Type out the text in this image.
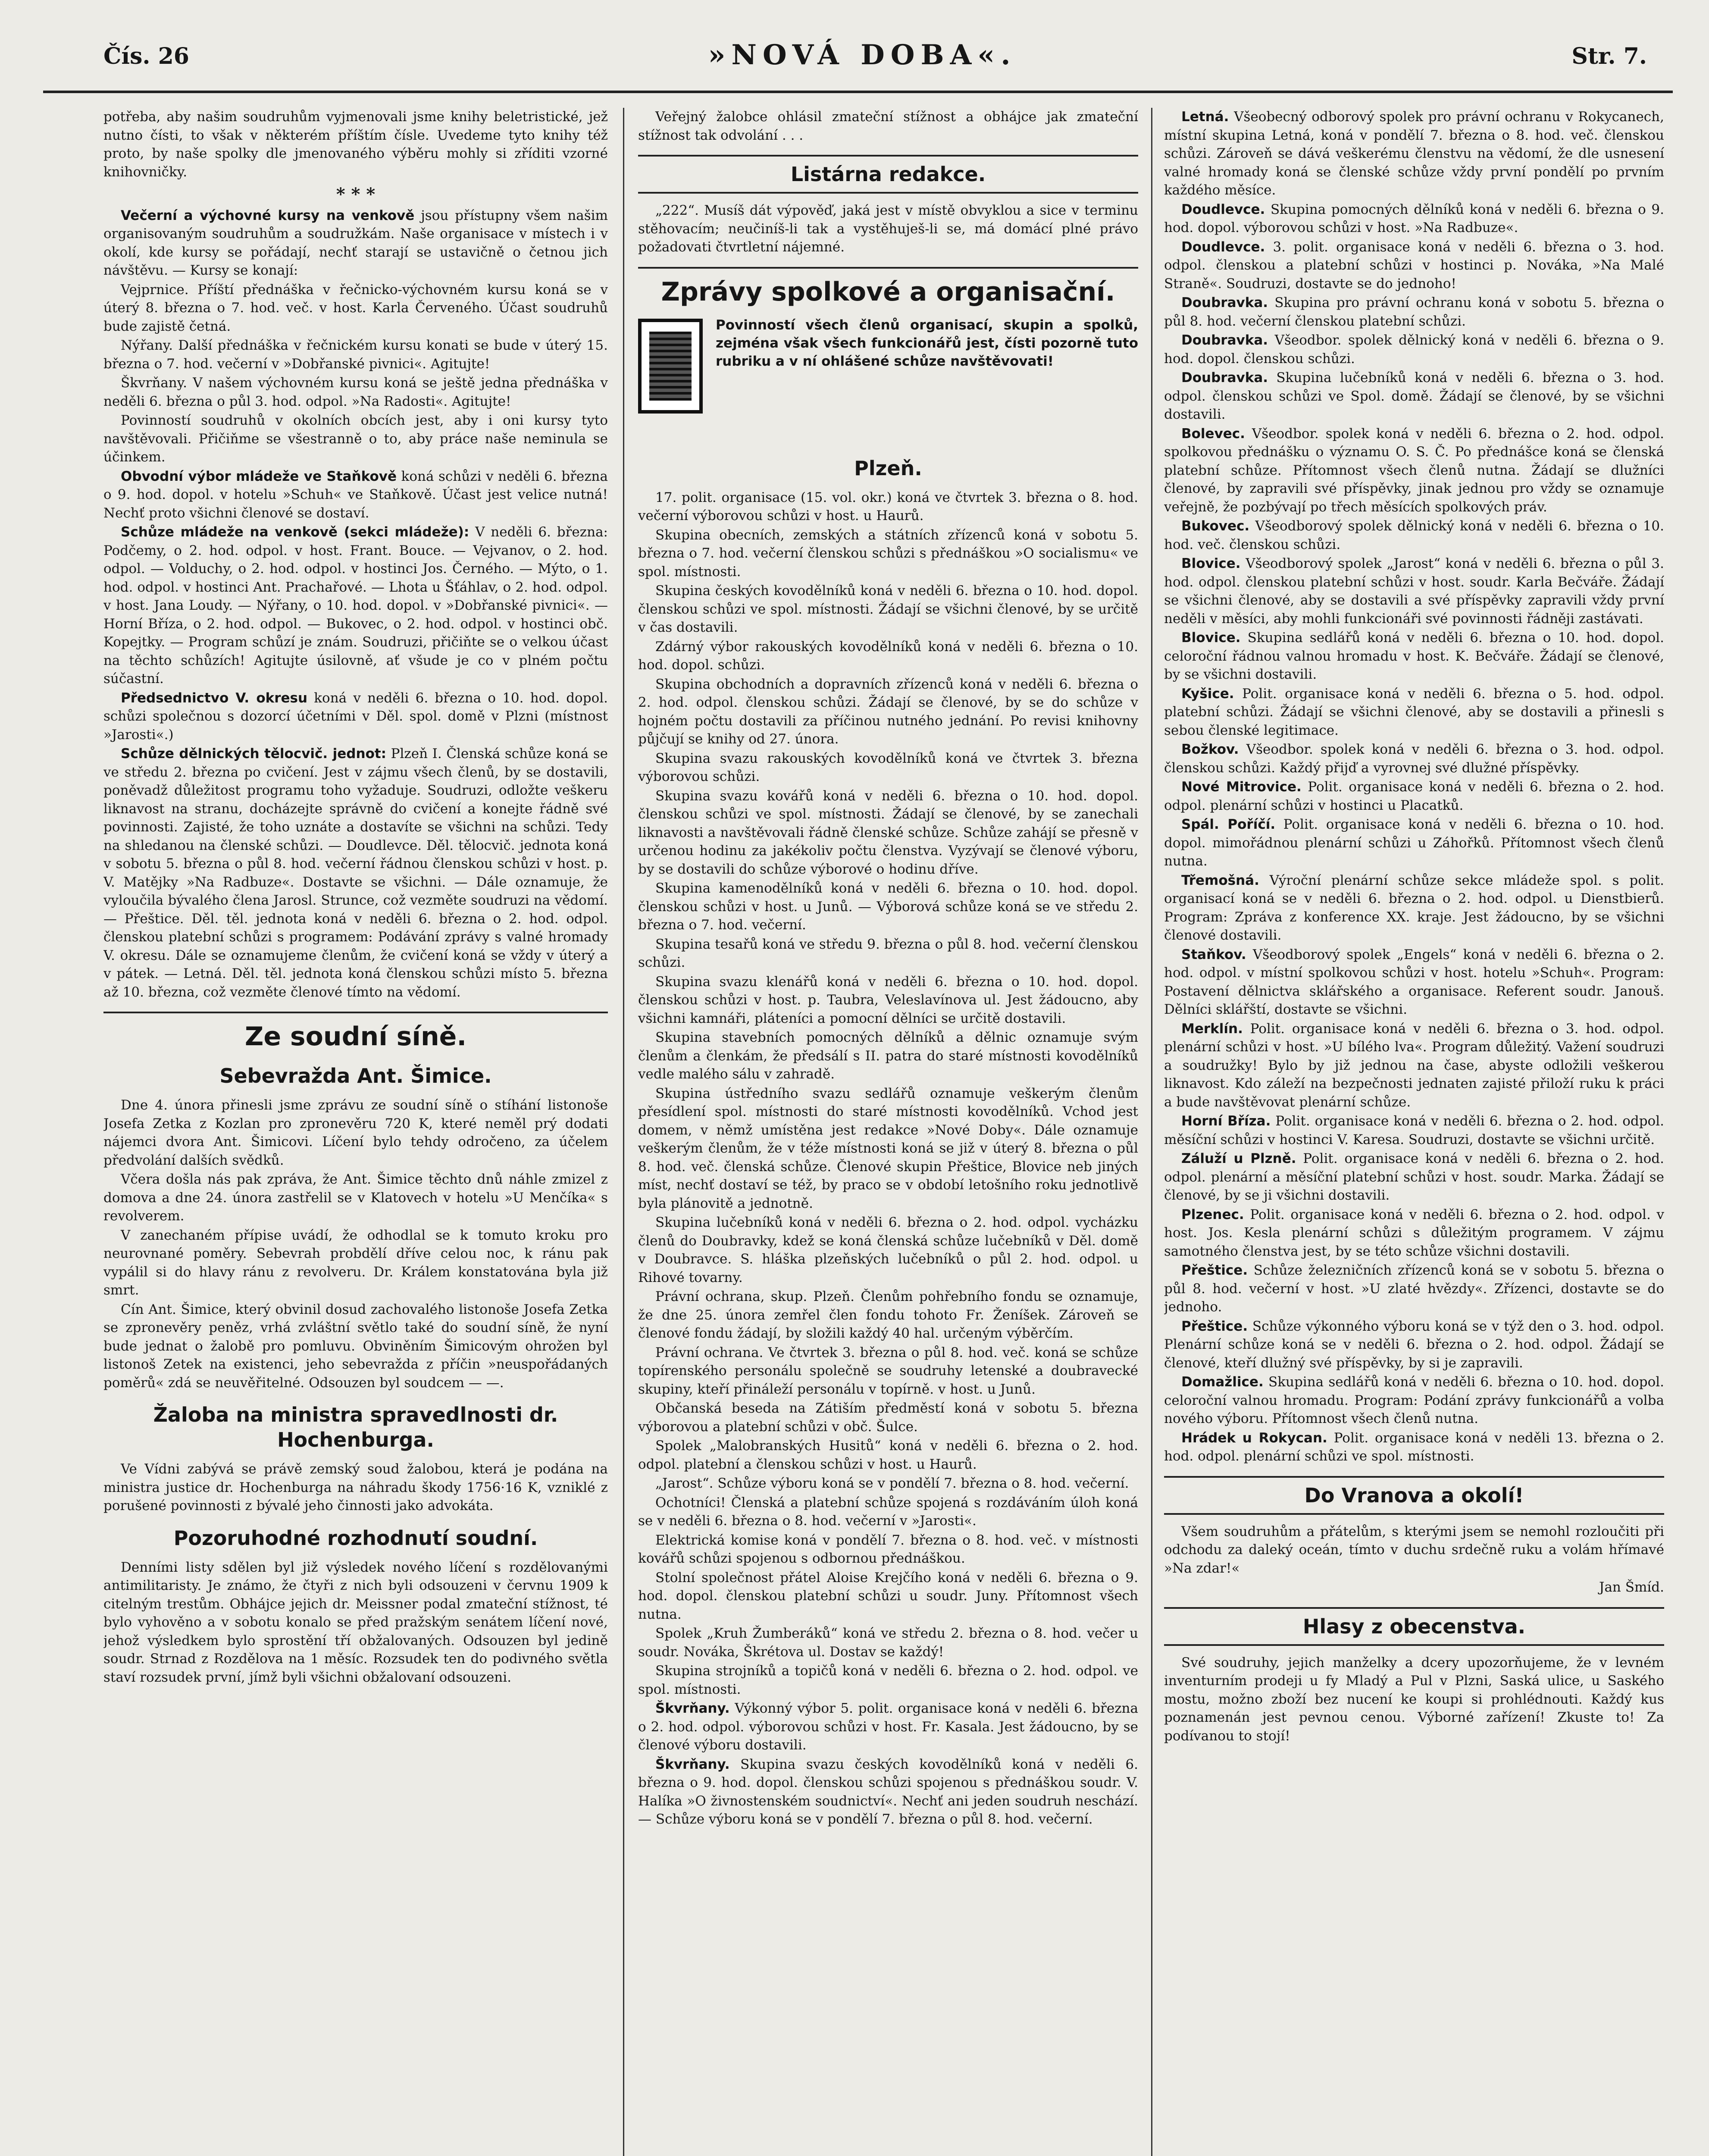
Čís. 26	»NOVÁ DOBA«.	Str. 7.

potřeba, aby našim soudruhům vyjmenovali jsme knihy beletristické, jež nutno čísti, to však v některém příštím čísle. Uvedeme tyto knihy též proto, by naše spolky dle jmenovaného výběru mohly si zříditi vzorné knihovničky.

* * *

Večerní a výchovné kursy na venkově jsou přístupny všem našim organisovaným soudruhům a soudružkám. Naše organisace v místech i v okolí, kde kursy se pořádají, nechť starají se ustavičně o četnou jich návštěvu. — Kursy se konají:

Vejprnice. Příští přednáška v řečnicko-výchovném kursu koná se v úterý 8. března o 7. hod. več. v host. Karla Červeného. Účast soudruhů bude zajistě četná.

Nýřany. Další přednáška v řečnickém kursu konati se bude v úterý 15. března o 7. hod. večerní v »Dobřanské pivnici«. Agitujte!

Škvrňany. V našem výchovném kursu koná se ještě jedna přednáška v neděli 6. března o půl 3. hod. odpol. »Na Radosti«. Agitujte!

Povinností soudruhů v okolních obcích jest, aby i oni kursy tyto navštěvovali. Přičiňme se všestranně o to, aby práce naše neminula se účinkem.

Obvodní výbor mládeže ve Staňkově koná schůzi v neděli 6. března o 9. hod. dopol. v hotelu »Schuh« ve Staňkově. Účast jest velice nutná! Nechť proto všichni členové se dostaví.

Schůze mládeže na venkově (sekci mládeže): V neděli 6. března: Podčemy, o 2. hod. odpol. v host. Frant. Bouce. — Vejvanov, o 2. hod. odpol. — Volduchy, o 2. hod. odpol. v hostinci Jos. Černého. — Mýto, o 1. hod. odpol. v hostinci Ant. Prachařové. — Lhota u Šťáhlav, o 2. hod. odpol. v host. Jana Loudy. — Nýřany, o 10. hod. dopol. v »Dobřanské pivnici«. — Horní Bříza, o 2. hod. odpol. — Bukovec, o 2. hod. odpol. v hostinci obč. Kopejtky. — Program schůzí je znám. Soudruzi, přičiňte se o velkou účast na těchto schůzích! Agitujte úsilovně, ať všude je co v plném počtu súčastní.

Předsednictvo V. okresu koná v neděli 6. března o 10. hod. dopol. schůzi společnou s dozorcí účetními v Děl. spol. domě v Plzni (místnost »Jarosti«.)

Schůze dělnických tělocvič. jednot: Plzeň I. Členská schůze koná se ve středu 2. března po cvičení. Jest v zájmu všech členů, by se dostavili, poněvadž důležitost programu toho vyžaduje. Soudruzi, odložte veškeru liknavost na stranu, docházejte správně do cvičení a konejte řádně své povinnosti. Zajisté, že toho uznáte a dostavíte se všichni na schůzi. Tedy na shledanou na členské schůzi. — Doudlevce. Děl. tělocvič. jednota koná v sobotu 5. března o půl 8. hod. večerní řádnou členskou schůzi v host. p. V. Matějky »Na Radbuze«. Dostavte se všichni. — Dále oznamuje, že vyloučila bývalého člena Jarosl. Strunce, což vezměte soudruzi na vědomí. — Přeštice. Děl. těl. jednota koná v neděli 6. března o 2. hod. odpol. členskou platební schůzi s programem: Podávání zprávy s valné hromady V. okresu. Dále se oznamujeme členům, že cvičení koná se vždy v úterý a v pátek. — Letná. Děl. těl. jednota koná členskou schůzi místo 5. března až 10. března, což vezměte členové tímto na vědomí.

Ze soudní síně.
Sebevražda Ant. Šimice.

Dne 4. února přinesli jsme zprávu ze soudní síně o stíhání listonoše Josefa Zetka z Kozlan pro zpronevěru 720 K, které neměl prý dodati nájemci dvora Ant. Šimicovi. Líčení bylo tehdy odročeno, za účelem předvolání dalších svědků.

Včera došla nás pak zpráva, že Ant. Šimice těchto dnů náhle zmizel z domova a dne 24. února zastřelil se v Klatovech v hotelu »U Menčíka« s revolverem.

V zanechaném přípise uvádí, že odhodlal se k tomuto kroku pro neurovnané poměry. Sebevrah probdělí dříve celou noc, k ránu pak vypálil si do hlavy ránu z revolveru. Dr. Králem konstatována byla již smrt.

Cín Ant. Šimice, který obvinil dosud zachovalého listonoše Josefa Zetka se zpronevěry peněz, vrhá zvláštní světlo také do soudní síně, že nyní bude jednat o žalobě pro pomluvu. Obviněním Šimicovým ohrožen byl listonoš Zetek na existenci, jeho sebevražda z příčin »neuspořádaných poměrů« zdá se neuvěřitelné. Odsouzen byl soudcem — —.

Žaloba na ministra spravedlnosti dr. Hochenburga.

Ve Vídni zabývá se právě zemský soud žalobou, která je podána na ministra justice dr. Hochenburga na náhradu škody 1756·16 K, vzniklé z porušené povinnosti z bývalé jeho činnosti jako advokáta.

Pozoruhodné rozhodnutí soudní.

Denními listy sdělen byl již výsledek nového líčení s rozdělovanými antimilitaristy. Je známo, že čtyři z nich byli odsouzeni v červnu 1909 k citelným trestům. Obhájce jejich dr. Meissner podal zmateční stížnost, té bylo vyhověno a v sobotu konalo se před pražským senátem líčení nové, jehož výsledkem bylo sprostění tří obžalovaných. Odsouzen byl jedině soudr. Strnad z Rozdělova na 1 měsíc. Rozsudek ten do podivného světla staví rozsudek první, jímž byli všichni obžalovaní odsouzeni.

Veřejný žalobce ohlásil zmateční stížnost a obhájce jak zmateční stížnost tak odvolání . . .

Listárna redakce.

„222“. Musíš dát výpověď, jaká jest v místě obvyklou a sice v terminu stěhovacím; neučiníš-li tak a vystěhuješ-li se, má domácí plné právo požadovati čtvrtletní nájemné.

Zprávy spolkové a organisační.
Povinností všech členů organisací, skupin a spolků, zejména však všech funkcionářů jest, čísti pozorně tuto rubriku a v ní ohlášené schůze navštěvovati!
Plzeň.

17. polit. organisace (15. vol. okr.) koná ve čtvrtek 3. března o 8. hod. večerní výborovou schůzi v host. u Haurů.

Skupina obecních, zemských a státních zřízenců koná v sobotu 5. března o 7. hod. večerní členskou schůzi s přednáškou »O socialismu« ve spol. místnosti.

Skupina českých kovodělníků koná v neděli 6. března o 10. hod. dopol. členskou schůzi ve spol. místnosti. Žádají se všichni členové, by se určitě v čas dostavili.

Zdárný výbor rakouských kovodělníků koná v neděli 6. března o 10. hod. dopol. schůzi.

Skupina obchodních a dopravních zřízenců koná v neděli 6. března o 2. hod. odpol. členskou schůzi. Žádají se členové, by se do schůze v hojném počtu dostavili za příčinou nutného jednání. Po revisi knihovny půjčují se knihy od 27. února.

Skupina svazu rakouských kovodělníků koná ve čtvrtek 3. března výborovou schůzi.

Skupina svazu kovářů koná v neděli 6. března o 10. hod. dopol. členskou schůzi ve spol. místnosti. Žádají se členové, by se zanechali liknavosti a navštěvovali řádně členské schůze. Schůze zahájí se přesně v určenou hodinu za jakékoliv počtu členstva. Vyzývají se členové výboru, by se dostavili do schůze výborové o hodinu dříve.

Skupina kamenodělníků koná v neděli 6. března o 10. hod. dopol. členskou schůzi v host. u Junů. — Výborová schůze koná se ve středu 2. března o 7. hod. večerní.

Skupina tesařů koná ve středu 9. března o půl 8. hod. večerní členskou schůzi.

Skupina svazu klenářů koná v neděli 6. března o 10. hod. dopol. členskou schůzi v host. p. Taubra, Veleslavínova ul. Jest žádoucno, aby všichni kamnáři, pláteníci a pomocní dělníci se určitě dostavili.

Skupina stavebních pomocných dělníků a dělnic oznamuje svým členům a členkám, že předsálí s II. patra do staré místnosti kovodělníků vedle malého sálu v zahradě.

Skupina ústředního svazu sedlářů oznamuje veškerým členům přesídlení spol. místnosti do staré místnosti kovodělníků. Vchod jest domem, v němž umístěna jest redakce »Nové Doby«. Dále oznamuje veškerým členům, že v téže místnosti koná se již v úterý 8. března o půl 8. hod. več. členská schůze. Členové skupin Přeštice, Blovice neb jiných míst, nechť dostaví se též, by praco se v období letošního roku jednotlivě byla plánovitě a jednotně.

Skupina lučebníků koná v neděli 6. března o 2. hod. odpol. vycházku členů do Doubravky, kdež se koná členská schůze lučebníků v Děl. domě v Doubravce. S. hláška plzeňských lučebníků o půl 2. hod. odpol. u Rihové tovarny.

Právní ochrana, skup. Plzeň. Členům pohřebního fondu se oznamuje, že dne 25. února zemřel člen fondu tohoto Fr. Ženíšek. Zároveň se členové fondu žádají, by složili každý 40 hal. určeným výběrčím.

Právní ochrana. Ve čtvrtek 3. března o půl 8. hod. več. koná se schůze topírenského personálu společně se soudruhy letenské a doubravecké skupiny, kteří přináleží personálu v topírně. v host. u Junů.

Občanská beseda na Zátiším předměstí koná v sobotu 5. března výborovou a platební schůzi v obč. Šulce.

Spolek „Malobranských Husitů“ koná v neděli 6. března o 2. hod. odpol. platební a členskou schůzi v host. u Haurů.

„Jarost“. Schůze výboru koná se v pondělí 7. března o 8. hod. večerní.

Ochotníci! Členská a platební schůze spojená s rozdáváním úloh koná se v neděli 6. března o 8. hod. večerní v »Jarosti«.

Elektrická komise koná v pondělí 7. března o 8. hod. več. v místnosti kovářů schůzi spojenou s odbornou přednáškou.

Stolní společnost přátel Aloise Krejčího koná v neděli 6. března o 9. hod. dopol. členskou platební schůzi u soudr. Juny. Přítomnost všech nutna.

Spolek „Kruh Žumberáků“ koná ve středu 2. března o 8. hod. večer u soudr. Nováka, Škrétova ul. Dostav se každý!

Skupina strojníků a topičů koná v neděli 6. března o 2. hod. odpol. ve spol. místnosti.

Škvrňany. Výkonný výbor 5. polit. organisace koná v neděli 6. března o 2. hod. odpol. výborovou schůzi v host. Fr. Kasala. Jest žádoucno, by se členové výboru dostavili.

Škvrňany. Skupina svazu českých kovodělníků koná v neděli 6. března o 9. hod. dopol. členskou schůzi spojenou s přednáškou soudr. V. Halíka »O živnostenském soudnictví«. Nechť ani jeden soudruh neschází. — Schůze výboru koná se v pondělí 7. března o půl 8. hod. večerní.

Letná. Všeobecný odborový spolek pro právní ochranu v Rokycanech, místní skupina Letná, koná v pondělí 7. března o 8. hod. več. členskou schůzi. Zároveň se dává veškerému členstvu na vědomí, že dle usnesení valné hromady koná se členské schůze vždy první pondělí po prvním každého měsíce.

Doudlevce. Skupina pomocných dělníků koná v neděli 6. března o 9. hod. dopol. výborovou schůzi v host. »Na Radbuze«.

Doudlevce. 3. polit. organisace koná v neděli 6. března o 3. hod. odpol. členskou a platební schůzi v hostinci p. Nováka, »Na Malé Straně«. Soudruzi, dostavte se do jednoho!

Doubravka. Skupina pro právní ochranu koná v sobotu 5. března o půl 8. hod. večerní členskou platební schůzi.

Doubravka. Všeodbor. spolek dělnický koná v neděli 6. března o 9. hod. dopol. členskou schůzi.

Doubravka. Skupina lučebníků koná v neděli 6. března o 3. hod. odpol. členskou schůzi ve Spol. domě. Žádají se členové, by se všichni dostavili.

Bolevec. Všeodbor. spolek koná v neděli 6. března o 2. hod. odpol. spolkovou přednášku o významu O. S. Č. Po přednášce koná se členská platební schůze. Přítomnost všech členů nutna. Žádají se dlužníci členové, by zapravili své příspěvky, jinak jednou pro vždy se oznamuje veřejně, že pozbývají po třech měsících spolkových práv.

Bukovec. Všeodborový spolek dělnický koná v neděli 6. března o 10. hod. več. členskou schůzi.

Blovice. Všeodborový spolek „Jarost“ koná v neděli 6. března o půl 3. hod. odpol. členskou platební schůzi v host. soudr. Karla Bečváře. Žádají se všichni členové, aby se dostavili a své příspěvky zapravili vždy první neděli v měsíci, aby mohli funkcionáři své povinnosti řádněji zastávati.

Blovice. Skupina sedlářů koná v neděli 6. března o 10. hod. dopol. celoroční řádnou valnou hromadu v host. K. Bečváře. Žádají se členové, by se všichni dostavili.

Kyšice. Polit. organisace koná v neděli 6. března o 5. hod. odpol. platební schůzi. Žádají se všichni členové, aby se dostavili a přinesli s sebou členské legitimace.

Božkov. Všeodbor. spolek koná v neděli 6. března o 3. hod. odpol. členskou schůzi. Každý přijď a vyrovnej své dlužné příspěvky.

Nové Mitrovice. Polit. organisace koná v neděli 6. března o 2. hod. odpol. plenární schůzi v hostinci u Placatků.

Spál. Poříčí. Polit. organisace koná v neděli 6. března o 10. hod. dopol. mimořádnou plenární schůzi u Záhořků. Přítomnost všech členů nutna.

Třemošná. Výroční plenární schůze sekce mládeže spol. s polit. organisací koná se v neděli 6. března o 2. hod. odpol. u Dienstbierů. Program: Zpráva z konference XX. kraje. Jest žádoucno, by se všichni členové dostavili.

Staňkov. Všeodborový spolek „Engels“ koná v neděli 6. března o 2. hod. odpol. v místní spolkovou schůzi v host. hotelu »Schuh«. Program: Postavení dělnictva sklářského a organisace. Referent soudr. Janouš. Dělníci sklářští, dostavte se všichni.

Merklín. Polit. organisace koná v neděli 6. března o 3. hod. odpol. plenární schůzi v host. »U bílého lva«. Program důležitý. Važení soudruzi a soudružky! Bylo by již jednou na čase, abyste odložili veškerou liknavost. Kdo záleží na bezpečnosti jednaten zajisté přiloží ruku k práci a bude navštěvovat plenární schůze.

Horní Bříza. Polit. organisace koná v neděli 6. března o 2. hod. odpol. měsíční schůzi v hostinci V. Karesa. Soudruzi, dostavte se všichni určitě.

Záluží u Plzně. Polit. organisace koná v neděli 6. března o 2. hod. odpol. plenární a měsíční platební schůzi v host. soudr. Marka. Žádají se členové, by se ji všichni dostavili.

Plzenec. Polit. organisace koná v neděli 6. března o 2. hod. odpol. v host. Jos. Kesla plenární schůzi s důležitým programem. V zájmu samotného členstva jest, by se této schůze všichni dostavili.

Přeštice. Schůze železničních zřízenců koná se v sobotu 5. března o půl 8. hod. večerní v host. »U zlaté hvězdy«. Zřízenci, dostavte se do jednoho.

Přeštice. Schůze výkonného výboru koná se v týž den o 3. hod. odpol. Plenární schůze koná se v neděli 6. března o 2. hod. odpol. Žádají se členové, kteří dlužný své příspěvky, by si je zapravili.

Domažlice. Skupina sedlářů koná v neděli 6. března o 10. hod. dopol. celoroční valnou hromadu. Program: Podání zprávy funkcionářů a volba nového výboru. Přítomnost všech členů nutna.

Hrádek u Rokycan. Polit. organisace koná v neděli 13. března o 2. hod. odpol. plenární schůzi ve spol. místnosti.

Do Vranova a okolí!

Všem soudruhům a přátelům, s kterými jsem se nemohl rozloučiti při odchodu za daleký oceán, tímto v duchu srdečně ruku a volám hřímavé »Na zdar!«

Jan Šmíd.

Hlasy z obecenstva.

Své soudruhy, jejich manželky a dcery upozorňujeme, že v levném inventurním prodeji u fy Mladý a Pul v Plzni, Saská ulice, u Saského mostu, možno zboží bez nucení ke koupi si prohlédnouti. Každý kus poznamenán jest pevnou cenou. Výborné zařízení! Zkuste to! Za podívanou to stojí!
